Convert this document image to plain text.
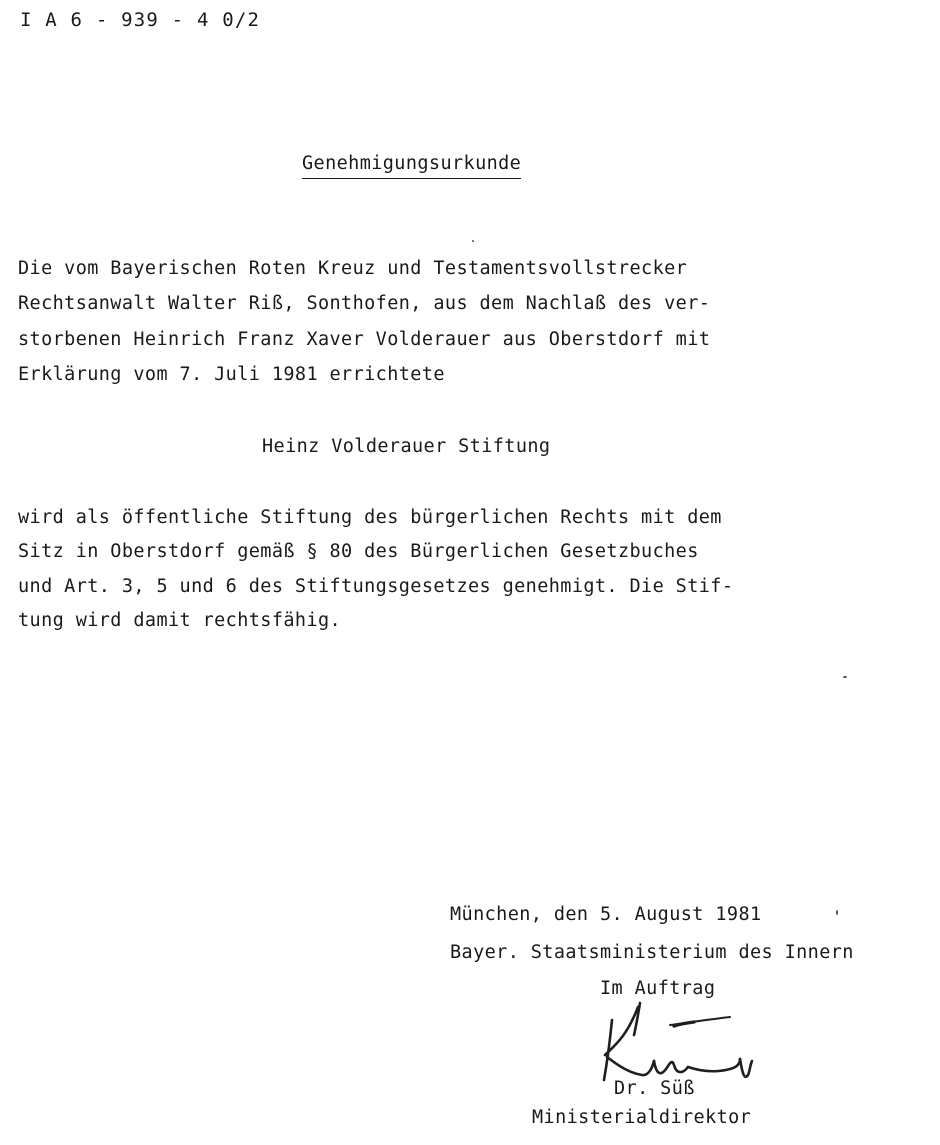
I A 6 - 939 - 4 0/2
Genehmigungsurkunde
Die vom Bayerischen Roten Kreuz und Testamentsvollstrecker
Rechtsanwalt Walter Riß, Sonthofen, aus dem Nachlaß des ver-
storbenen Heinrich Franz Xaver Volderauer aus Oberstdorf mit
Erklärung vom 7. Juli 1981 errichtete
Heinz Volderauer Stiftung
wird als öffentliche Stiftung des bürgerlichen Rechts mit dem
Sitz in Oberstdorf gemäß § 80 des Bürgerlichen Gesetzbuches
und Art. 3, 5 und 6 des Stiftungsgesetzes genehmigt. Die Stif-
tung wird damit rechtsfähig.
München, den 5. August 1981
Bayer. Staatsministerium des Innern
Im Auftrag
Dr. Süß
Ministerialdirektor
